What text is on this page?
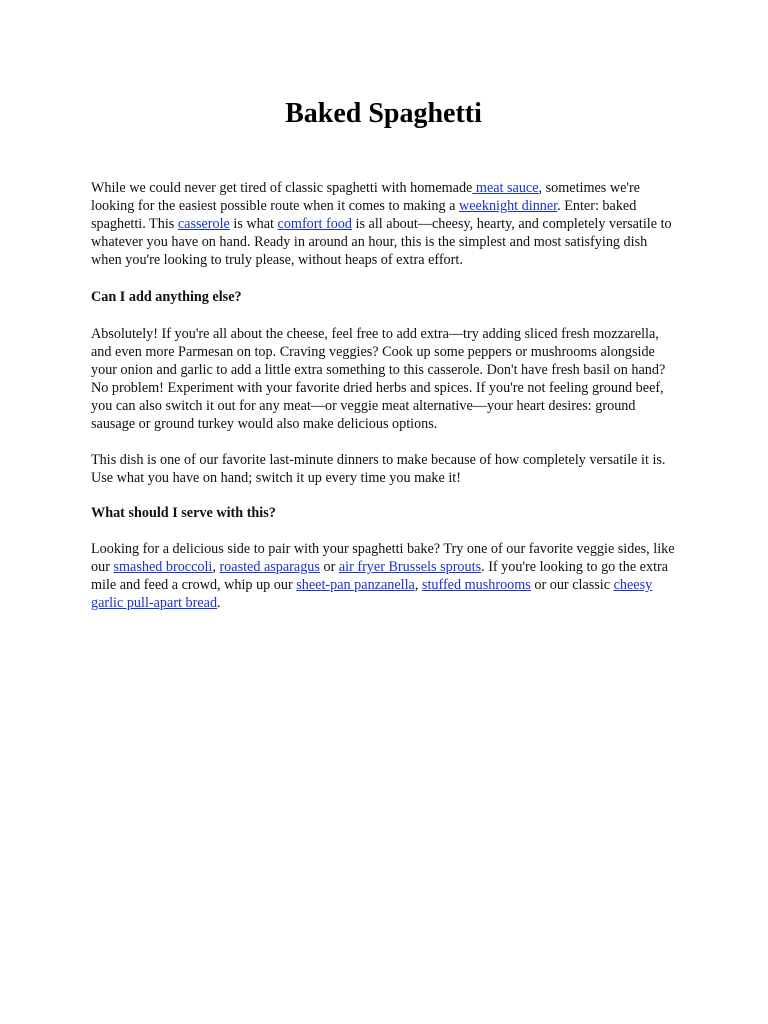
Baked Spaghetti

While we could never get tired of classic spaghetti with homemade meat sauce, sometimes we're looking for the easiest possible route when it comes to making a weeknight dinner. Enter: baked spaghetti. This casserole is what comfort food is all about—cheesy, hearty, and completely versatile to whatever you have on hand. Ready in around an hour, this is the simplest and most satisfying dish when you're looking to truly please, without heaps of extra effort.

Can I add anything else?

Absolutely! If you're all about the cheese, feel free to add extra—try adding sliced fresh mozzarella, and even more Parmesan on top. Craving veggies? Cook up some peppers or mushrooms alongside your onion and garlic to add a little extra something to this casserole. Don't have fresh basil on hand? No problem! Experiment with your favorite dried herbs and spices. If you're not feeling ground beef, you can also switch it out for any meat—or veggie meat alternative—your heart desires: ground sausage or ground turkey would also make delicious options.

This dish is one of our favorite last-minute dinners to make because of how completely versatile it is. Use what you have on hand; switch it up every time you make it!

What should I serve with this?

Looking for a delicious side to pair with your spaghetti bake? Try one of our favorite veggie sides, like our smashed broccoli, roasted asparagus or air fryer Brussels sprouts. If you're looking to go the extra mile and feed a crowd, whip up our sheet-pan panzanella, stuffed mushrooms or our classic cheesy garlic pull-apart bread.
